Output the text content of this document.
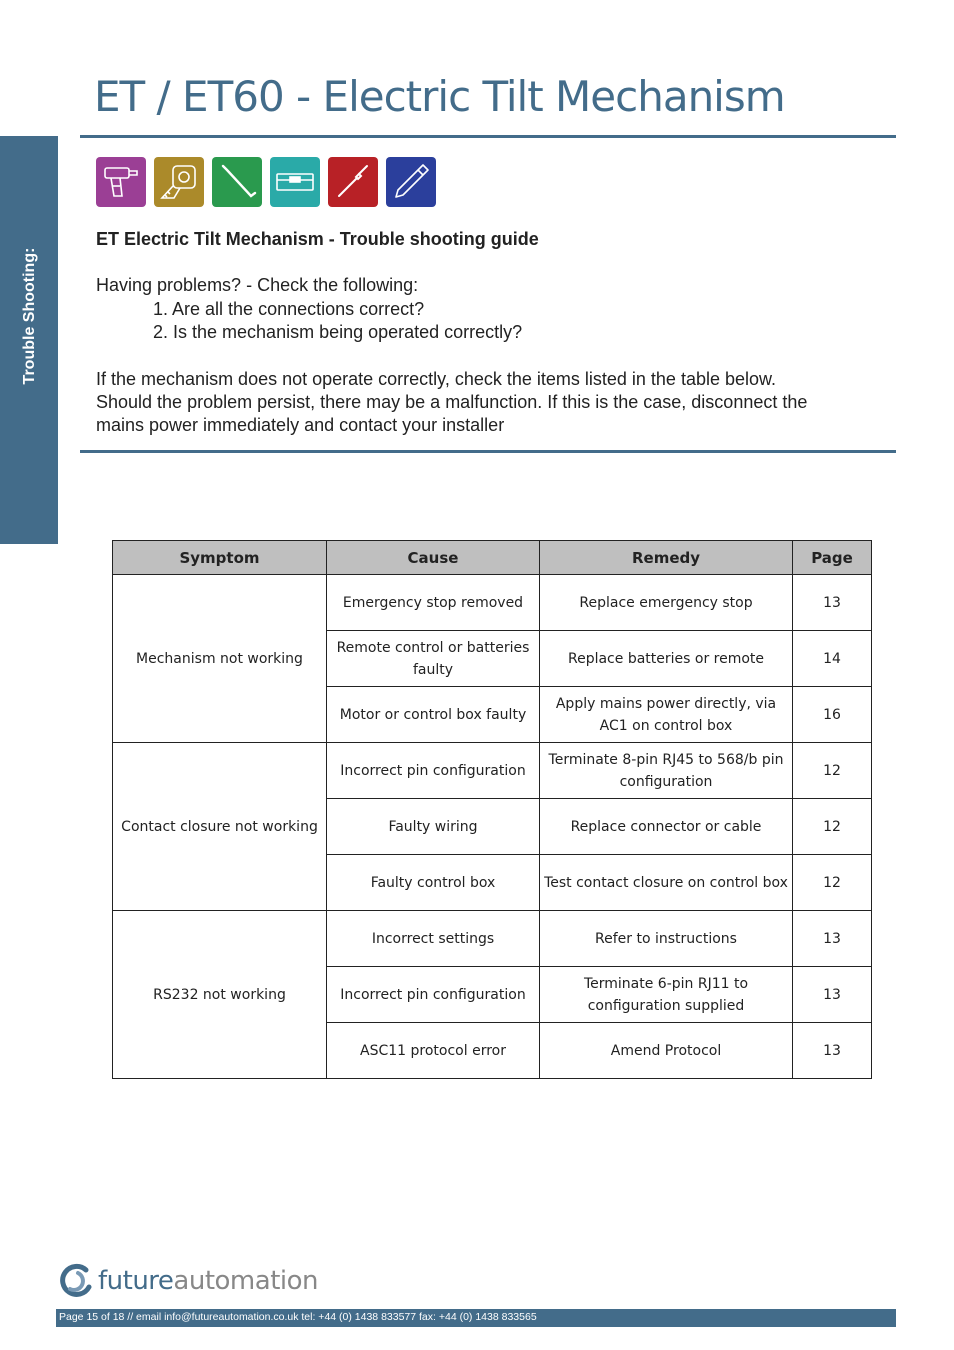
Trouble Shooting:
ET / ET60 - Electric Tilt Mechanism

ET Electric Tilt Mechanism - Trouble shooting guide

Having problems? - Check the following:

1. Are all the connections correct?

2. Is the mechanism being operated correctly?

If the mechanism does not operate correctly, check the items listed in the table below.

Should the problem persist, there may be a malfunction. If this is the case, disconnect the

mains power immediately and contact your installer

Symptom	Cause	Remedy	Page
Mechanism not working	Emergency stop removed	Replace emergency stop	13
	Remote control or batteries faulty	Replace batteries or remote	14
	Motor or control box faulty	Apply mains power directly, via AC1 on control box	16
Contact closure not working	Incorrect pin configuration	Terminate 8-pin RJ45 to 568/b pin configuration	12
	Faulty wiring	Replace connector or cable	12
	Faulty control box	Test contact closure on control box	12
RS232 not working	Incorrect settings	Refer to instructions	13
	Incorrect pin configuration	Terminate 6-pin RJ11 to configuration supplied	13
	ASC11 protocol error	Amend Protocol	13
futureautomation
Page 15 of 18 // email info@futureautomation.co.uk tel: +44 (0) 1438 833577 fax: +44 (0) 1438 833565
